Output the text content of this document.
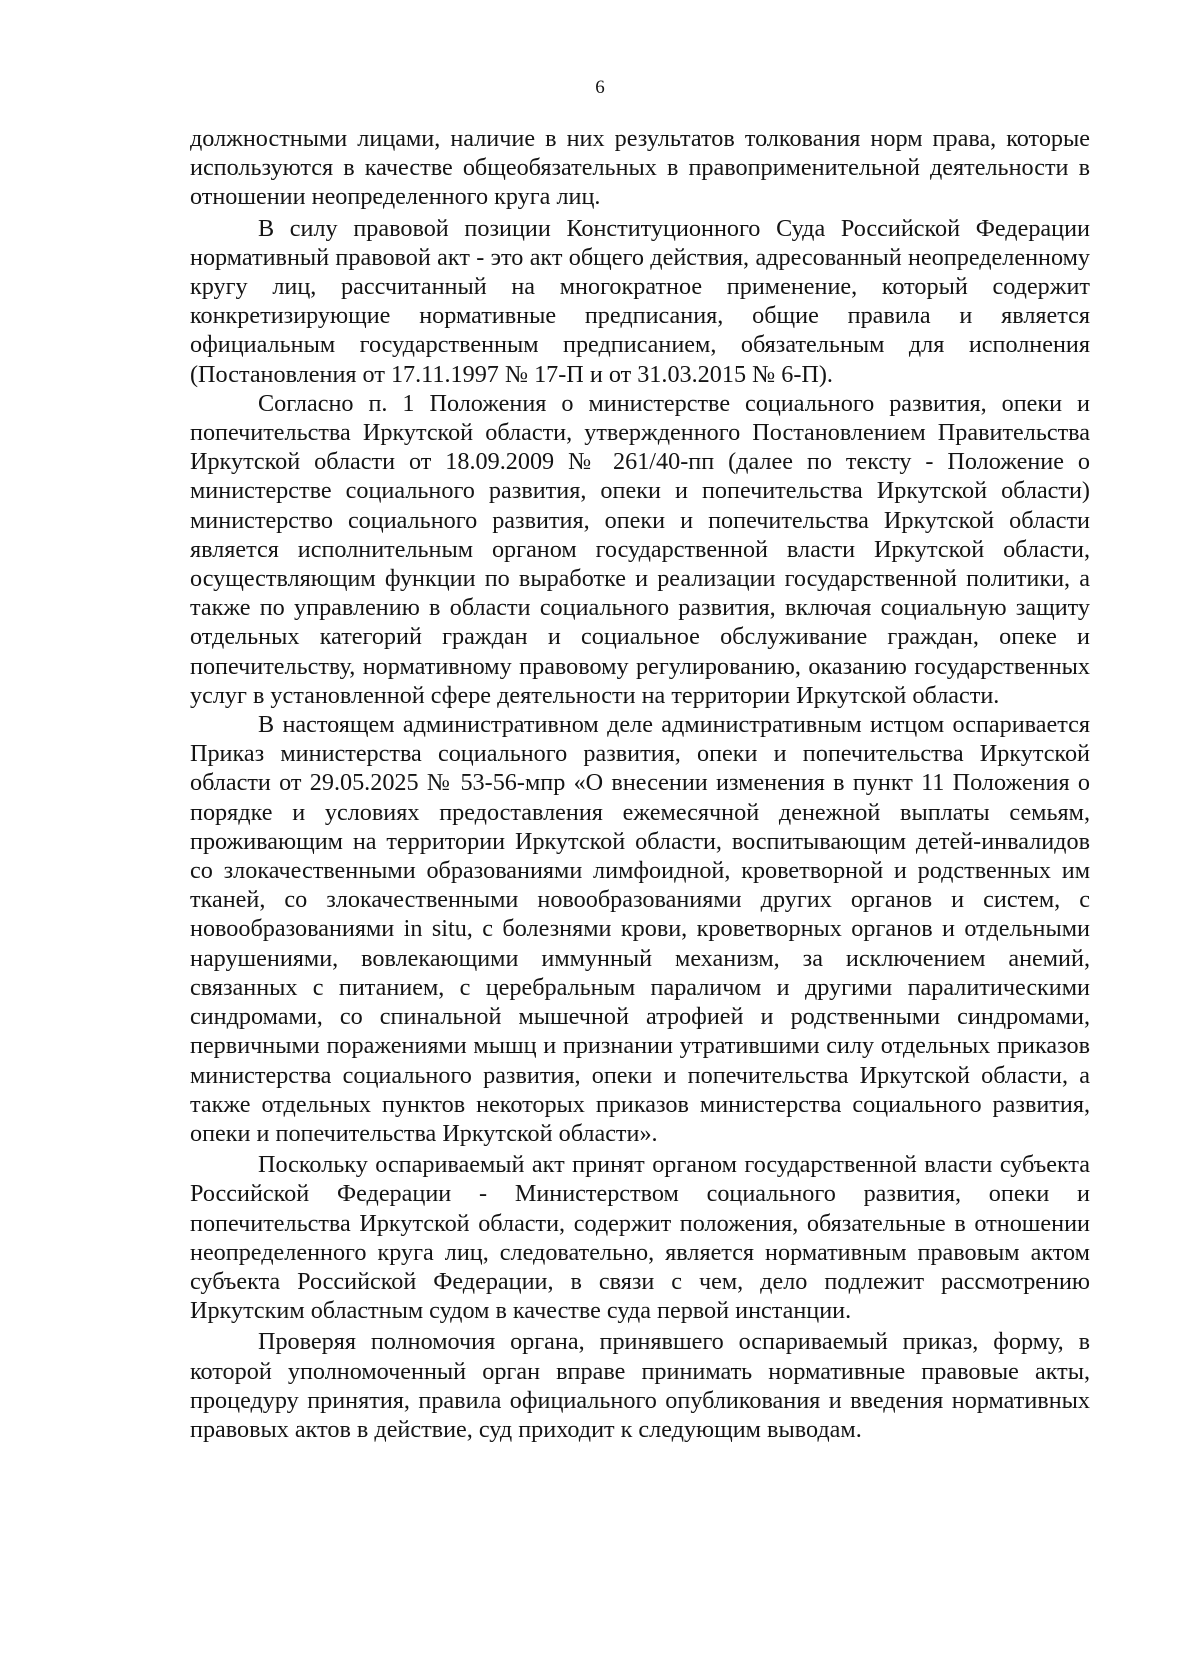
6

должностными лицами, наличие в них результатов толкования норм права, которые используются в качестве общеобязательных в правоприменительной деятельности в отношении неопределенного круга лиц.

В силу правовой позиции Конституционного Суда Российской Федерации нормативный правовой акт - это акт общего действия, адресованный неопределенному кругу лиц, рассчитанный на многократное применение, который содержит конкретизирующие нормативные предписания, общие правила и является официальным государственным предписанием, обязательным для исполнения (Постановления от 17.11.1997 № 17-П и от 31.03.2015 № 6-П).

Согласно п. 1 Положения о министерстве социального развития, опеки и попечительства Иркутской области, утвержденного Постановлением Правительства Иркутской области от 18.09.2009 № 261/40-пп (далее по тексту - Положение о министерстве социального развития, опеки и попечительства Иркутской области) министерство социального развития, опеки и попечительства Иркутской области является исполнительным органом государственной власти Иркутской области, осуществляющим функции по выработке и реализации государственной политики, а также по управлению в области социального развития, включая социальную защиту отдельных категорий граждан и социальное обслуживание граждан, опеке и попечительству, нормативному правовому регулированию, оказанию государственных услуг в установленной сфере деятельности на территории Иркутской области.

В настоящем административном деле административным истцом оспаривается Приказ министерства социального развития, опеки и попечительства Иркутской области от 29.05.2025 № 53-56-мпр «О внесении изменения в пункт 11 Положения о порядке и условиях предоставления ежемесячной денежной выплаты семьям, проживающим на территории Иркутской области, воспитывающим детей-инвалидов со злокачественными образованиями лимфоидной, кроветворной и родственных им тканей, со злокачественными новообразованиями других органов и систем, с новообразованиями in situ, с болезнями крови, кроветворных органов и отдельными нарушениями, вовлекающими иммунный механизм, за исключением анемий, связанных с питанием, с церебральным параличом и другими паралитическими синдромами, со спинальной мышечной атрофией и родственными синдромами, первичными поражениями мышц и признании утратившими силу отдельных приказов министерства социального развития, опеки и попечительства Иркутской области, а также отдельных пунктов некоторых приказов министерства социального развития, опеки и попечительства Иркутской области».

Поскольку оспариваемый акт принят органом государственной власти субъекта Российской Федерации - Министерством социального развития, опеки и попечительства Иркутской области, содержит положения, обязательные в отношении неопределенного круга лиц, следовательно, является нормативным правовым актом субъекта Российской Федерации, в связи с чем, дело подлежит рассмотрению Иркутским областным судом в качестве суда первой инстанции.

Проверяя полномочия органа, принявшего оспариваемый приказ, форму, в которой уполномоченный орган вправе принимать нормативные правовые акты, процедуру принятия, правила официального опубликования и введения нормативных правовых актов в действие, суд приходит к следующим выводам.
